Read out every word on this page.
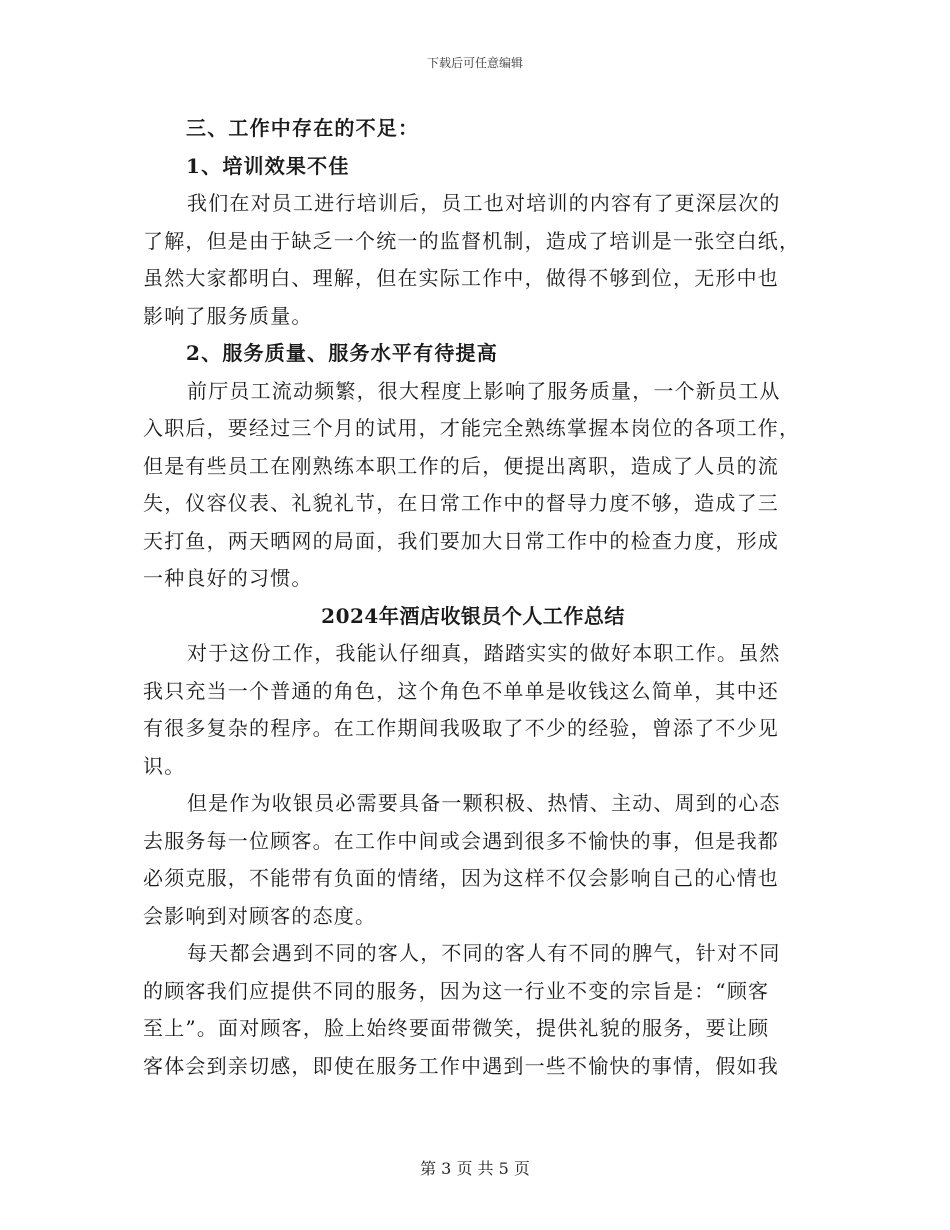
下载后可任意编辑
三、工作中存在的不足：
1、培训效果不佳
我们在对员工进行培训后，员工也对培训的内容有了更深层次的
了解，但是由于缺乏一个统一的监督机制，造成了培训是一张空白纸，
虽然大家都明白、理解，但在实际工作中，做得不够到位，无形中也
影响了服务质量。
2、服务质量、服务水平有待提高
前厅员工流动频繁，很大程度上影响了服务质量，一个新员工从
入职后，要经过三个月的试用，才能完全熟练掌握本岗位的各项工作，
但是有些员工在刚熟练本职工作的后，便提出离职，造成了人员的流
失，仪容仪表、礼貌礼节，在日常工作中的督导力度不够，造成了三
天打鱼，两天晒网的局面，我们要加大日常工作中的检查力度，形成
一种良好的习惯。
2024年酒店收银员个人工作总结
对于这份工作，我能认仔细真，踏踏实实的做好本职工作。虽然
我只充当一个普通的角色，这个角色不单单是收钱这么简单，其中还
有很多复杂的程序。在工作期间我吸取了不少的经验，曾添了不少见
识。
但是作为收银员必需要具备一颗积极、热情、主动、周到的心态
去服务每一位顾客。在工作中间或会遇到很多不愉快的事，但是我都
必须克服，不能带有负面的情绪，因为这样不仅会影响自己的心情也
会影响到对顾客的态度。
每天都会遇到不同的客人，不同的客人有不同的脾气，针对不同
的顾客我们应提供不同的服务，因为这一行业不变的宗旨是：“顾客
至上”。面对顾客，脸上始终要面带微笑，提供礼貌的服务，要让顾
客体会到亲切感，即使在服务工作中遇到一些不愉快的事情，假如我
第 3 页 共 5 页
